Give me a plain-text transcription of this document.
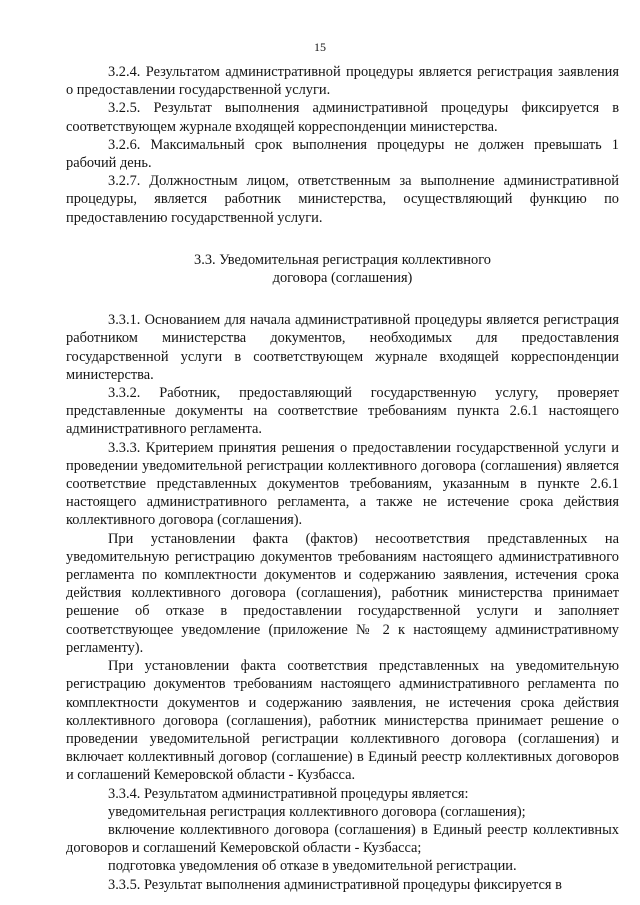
15

3.2.4. Результатом административной процедуры является регистрация заявления о предоставлении государственной услуги.

3.2.5. Результат выполнения административной процедуры фиксируется в соответствующем журнале входящей корреспонденции министерства.

3.2.6. Максимальный срок выполнения процедуры не должен превышать 1 рабочий день.

3.2.7. Должностным лицом, ответственным за выполнение административной процедуры, является работник министерства, осуществляющий функцию по предоставлению государственной услуги.

3.3. Уведомительная регистрация коллективного
договора (соглашения)

3.3.1. Основанием для начала административной процедуры является регистрация работником министерства документов, необходимых для предоставления государственной услуги в соответствующем журнале входящей корреспонденции министерства.

3.3.2. Работник, предоставляющий государственную услугу, проверяет представленные документы на соответствие требованиям пункта 2.6.1 настоящего административного регламента.

3.3.3. Критерием принятия решения о предоставлении государственной услуги и проведении уведомительной регистрации коллективного договора (соглашения) является соответствие представленных документов требованиям, указанным в пункте 2.6.1 настоящего административного регламента, а также не истечение срока действия коллективного договора (соглашения).

При установлении факта (фактов) несоответствия представленных на уведомительную регистрацию документов требованиям настоящего административного регламента по комплектности документов и содержанию заявления, истечения срока действия коллективного договора (соглашения), работник министерства принимает решение об отказе в предоставлении государственной услуги и заполняет соответствующее уведомление (приложение № 2 к настоящему административному регламенту).

При установлении факта соответствия представленных на уведомительную регистрацию документов требованиям настоящего административного регламента по комплектности документов и содержанию заявления, не истечения срока действия коллективного договора (соглашения), работник министерства принимает решение о проведении уведомительной регистрации коллективного договора (соглашения) и включает коллективный договор (соглашение) в Единый реестр коллективных договоров и соглашений Кемеровской области - Кузбасса.

3.3.4. Результатом административной процедуры является:

уведомительная регистрация коллективного договора (соглашения);

включение коллективного договора (соглашения) в Единый реестр коллективных договоров и соглашений Кемеровской области - Кузбасса;

подготовка уведомления об отказе в уведомительной регистрации.

3.3.5. Результат выполнения административной процедуры фиксируется в
